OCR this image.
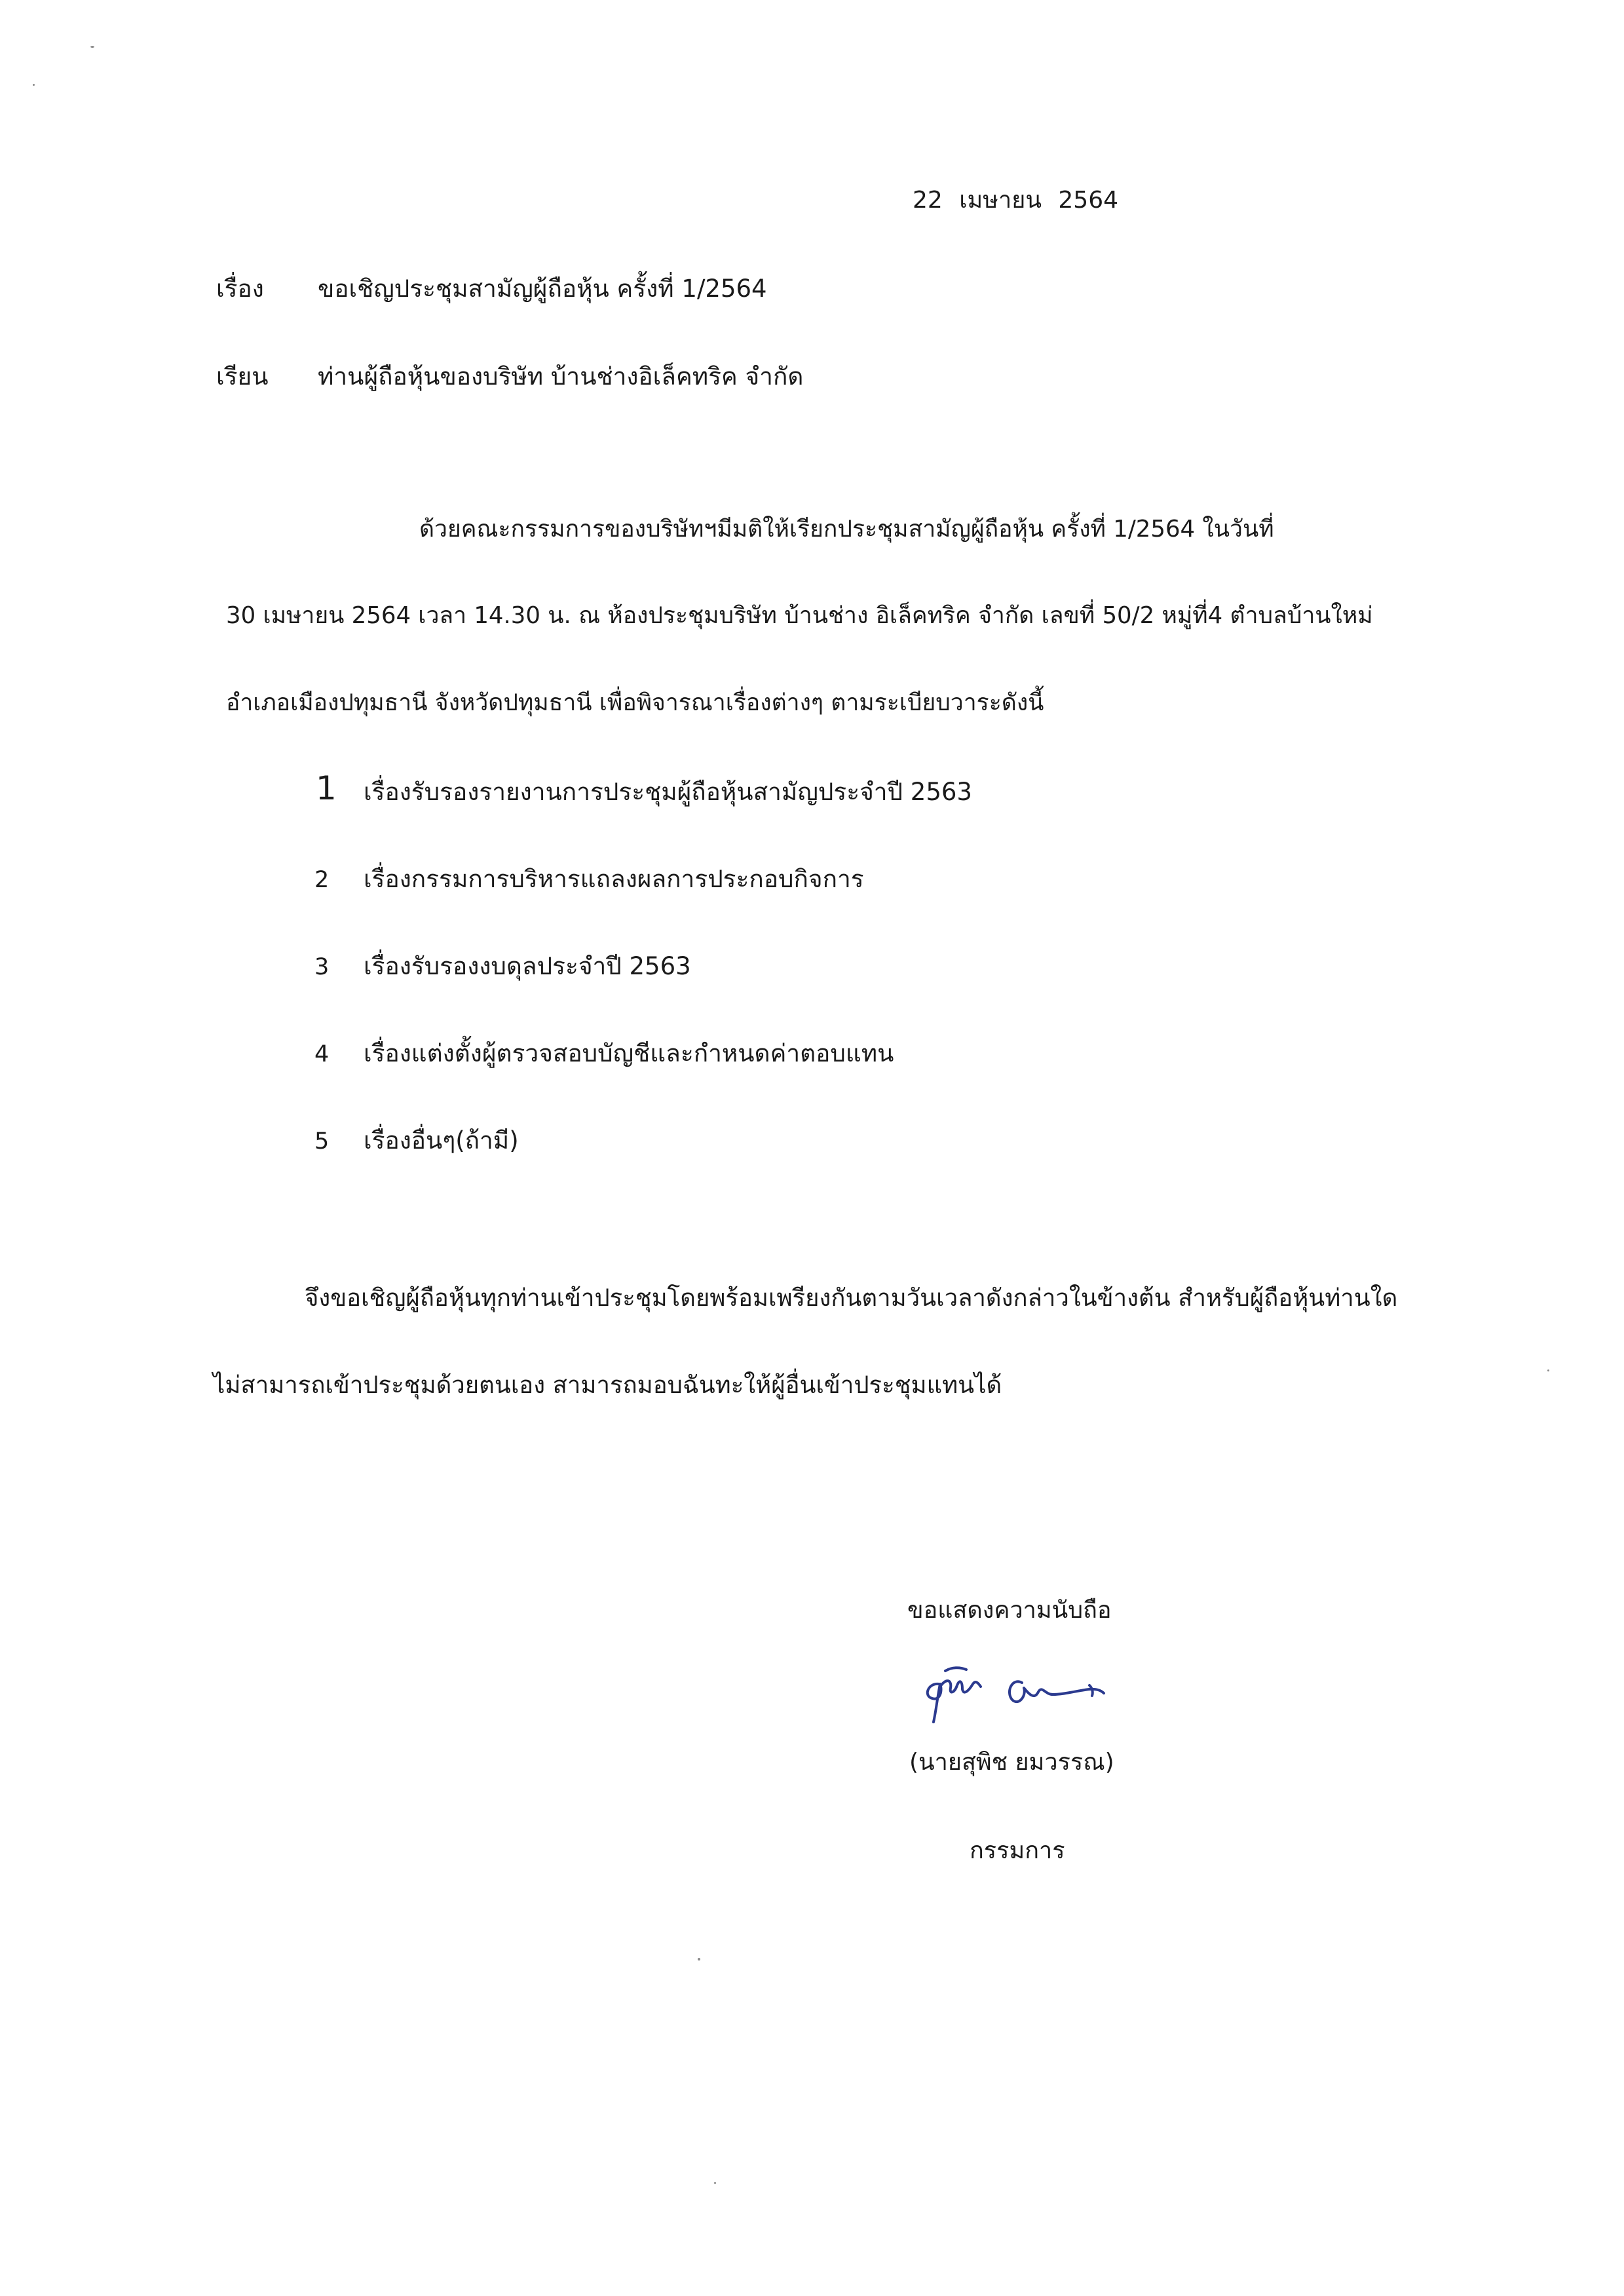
22 เมษายน 2564
เรื่อง ขอเชิญประชุมสามัญผู้ถือหุ้น ครั้งที่ 1/2564
เรียน ท่านผู้ถือหุ้นของบริษัท บ้านช่างอิเล็คทริค จำกัด
ด้วยคณะกรรมการของบริษัทฯมีมติให้เรียกประชุมสามัญผู้ถือหุ้น ครั้งที่ 1/2564 ในวันที่
30 เมษายน 2564 เวลา 14.30 น. ณ ห้องประชุมบริษัท บ้านช่าง อิเล็คทริค จำกัด เลขที่ 50/2 หมู่ที่4 ตำบลบ้านใหม่
อำเภอเมืองปทุมธานี จังหวัดปทุมธานี เพื่อพิจารณาเรื่องต่างๆ ตามระเบียบวาระดังนี้
1 เรื่องรับรองรายงานการประชุมผู้ถือหุ้นสามัญประจำปี 2563
2 เรื่องกรรมการบริหารแถลงผลการประกอบกิจการ
3 เรื่องรับรองงบดุลประจำปี 2563
4 เรื่องแต่งตั้งผู้ตรวจสอบบัญชีและกำหนดค่าตอบแทน
5 เรื่องอื่นๆ(ถ้ามี)
จึงขอเชิญผู้ถือหุ้นทุกท่านเข้าประชุมโดยพร้อมเพรียงกันตามวันเวลาดังกล่าวในข้างต้น สำหรับผู้ถือหุ้นท่านใด
ไม่สามารถเข้าประชุมด้วยตนเอง สามารถมอบฉันทะให้ผู้อื่นเข้าประชุมแทนได้
ขอแสดงความนับถือ
(นายสุพิช ยมวรรณ)
กรรมการ
